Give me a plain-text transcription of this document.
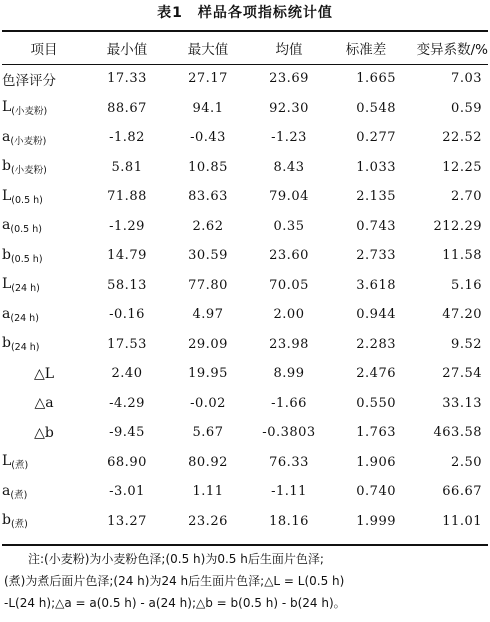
表1　样品各项指标统计值
项目	最小值	最大值	均值	标准差	变异系数/%
色泽评分	17.33	27.17	23.69	1.665	7.03
$L_{(小麦粉)}$	88.67	94.1	92.30	0.548	0.59
$a_{(小麦粉)}$	-1.82	-0.43	-1.23	0.277	22.52
$b_{(小麦粉)}$	5.81	10.85	8.43	1.033	12.25
$L_{(0.5 h)}$	71.88	83.63	79.04	2.135	2.70
$a_{(0.5 h)}$	-1.29	2.62	0.35	0.743	212.29
$b_{(0.5 h)}$	14.79	30.59	23.60	2.733	11.58
$L_{(24 h)}$	58.13	77.80	70.05	3.618	5.16
$a_{(24 h)}$	-0.16	4.97	2.00	0.944	47.20
$b_{(24 h)}$	17.53	29.09	23.98	2.283	9.52
△L	2.40	19.95	8.99	2.476	27.54
△a	-4.29	-0.02	-1.66	0.550	33.13
△b	-9.45	5.67	-0.3803	1.763	463.58
$L_{(煮)}$	68.90	80.92	76.33	1.906	2.50
$a_{(煮)}$	-3.01	1.11	-1.11	0.740	66.67
$b_{(煮)}$	13.27	23.26	18.16	1.999	11.01
注:(小麦粉)为小麦粉色泽;(0.5 h)为0.5 h后生面片色泽;
(煮)为煮后面片色泽;(24 h)为24 h后生面片色泽;△L = L(0.5 h)
-L(24 h);△a = a(0.5 h) - a(24 h);△b = b(0.5 h) - b(24 h)。
